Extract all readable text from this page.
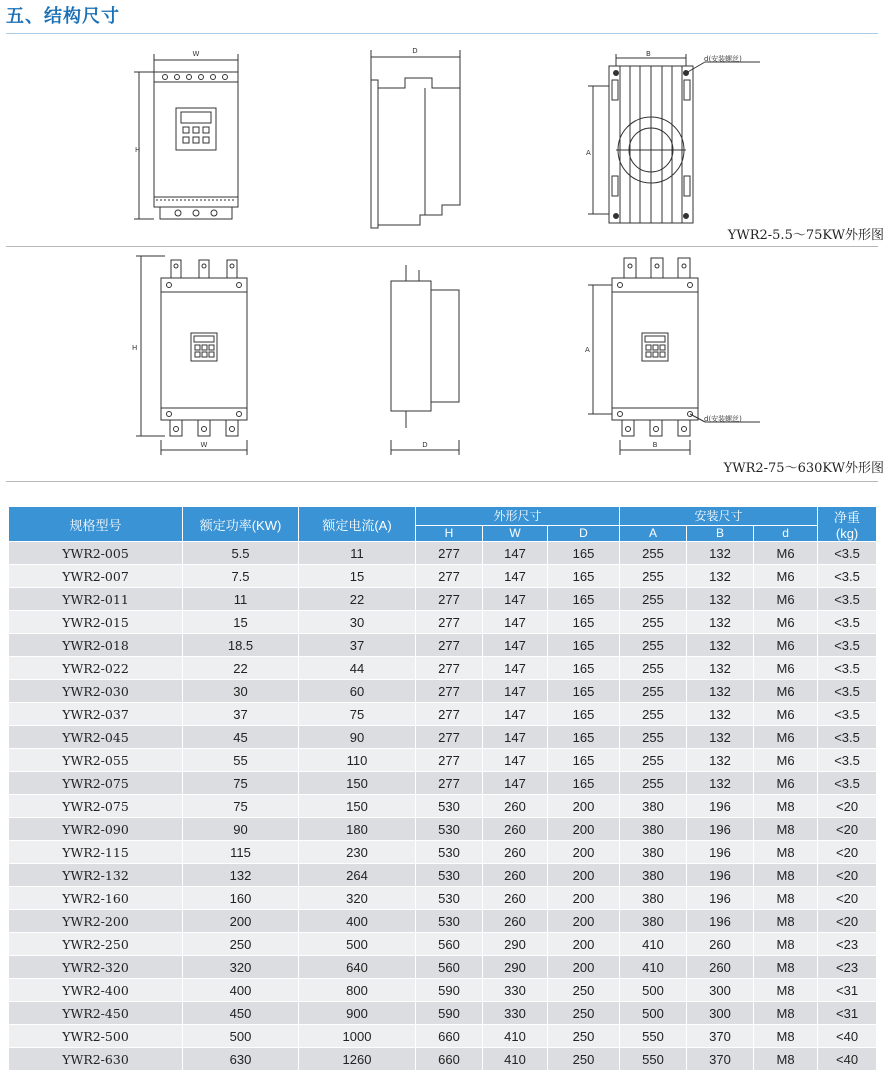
五、结构尺寸
W
H
D	B
d(安装螺丝)
A
YWR2-5.5～75KW外形图
W
H
D
d(安装螺丝)
B
A
YWR2-75～630KW外形图
规格型号	额定功率(KW)	额定电流(A)	外形尺寸			安装尺寸			净重
(kg)
			H	W	D	A	B	d	
YWR2-005	5.5	11	277	147	165	255	132	M6	<3.5
YWR2-007	7.5	15	277	147	165	255	132	M6	<3.5
YWR2-011	11	22	277	147	165	255	132	M6	<3.5
YWR2-015	15	30	277	147	165	255	132	M6	<3.5
YWR2-018	18.5	37	277	147	165	255	132	M6	<3.5
YWR2-022	22	44	277	147	165	255	132	M6	<3.5
YWR2-030	30	60	277	147	165	255	132	M6	<3.5
YWR2-037	37	75	277	147	165	255	132	M6	<3.5
YWR2-045	45	90	277	147	165	255	132	M6	<3.5
YWR2-055	55	110	277	147	165	255	132	M6	<3.5
YWR2-075	75	150	277	147	165	255	132	M6	<3.5
YWR2-075	75	150	530	260	200	380	196	M8	<20
YWR2-090	90	180	530	260	200	380	196	M8	<20
YWR2-115	115	230	530	260	200	380	196	M8	<20
YWR2-132	132	264	530	260	200	380	196	M8	<20
YWR2-160	160	320	530	260	200	380	196	M8	<20
YWR2-200	200	400	530	260	200	380	196	M8	<20
YWR2-250	250	500	560	290	200	410	260	M8	<23
YWR2-320	320	640	560	290	200	410	260	M8	<23
YWR2-400	400	800	590	330	250	500	300	M8	<31
YWR2-450	450	900	590	330	250	500	300	M8	<31
YWR2-500	500	1000	660	410	250	550	370	M8	<40
YWR2-630	630	1260	660	410	250	550	370	M8	<40
